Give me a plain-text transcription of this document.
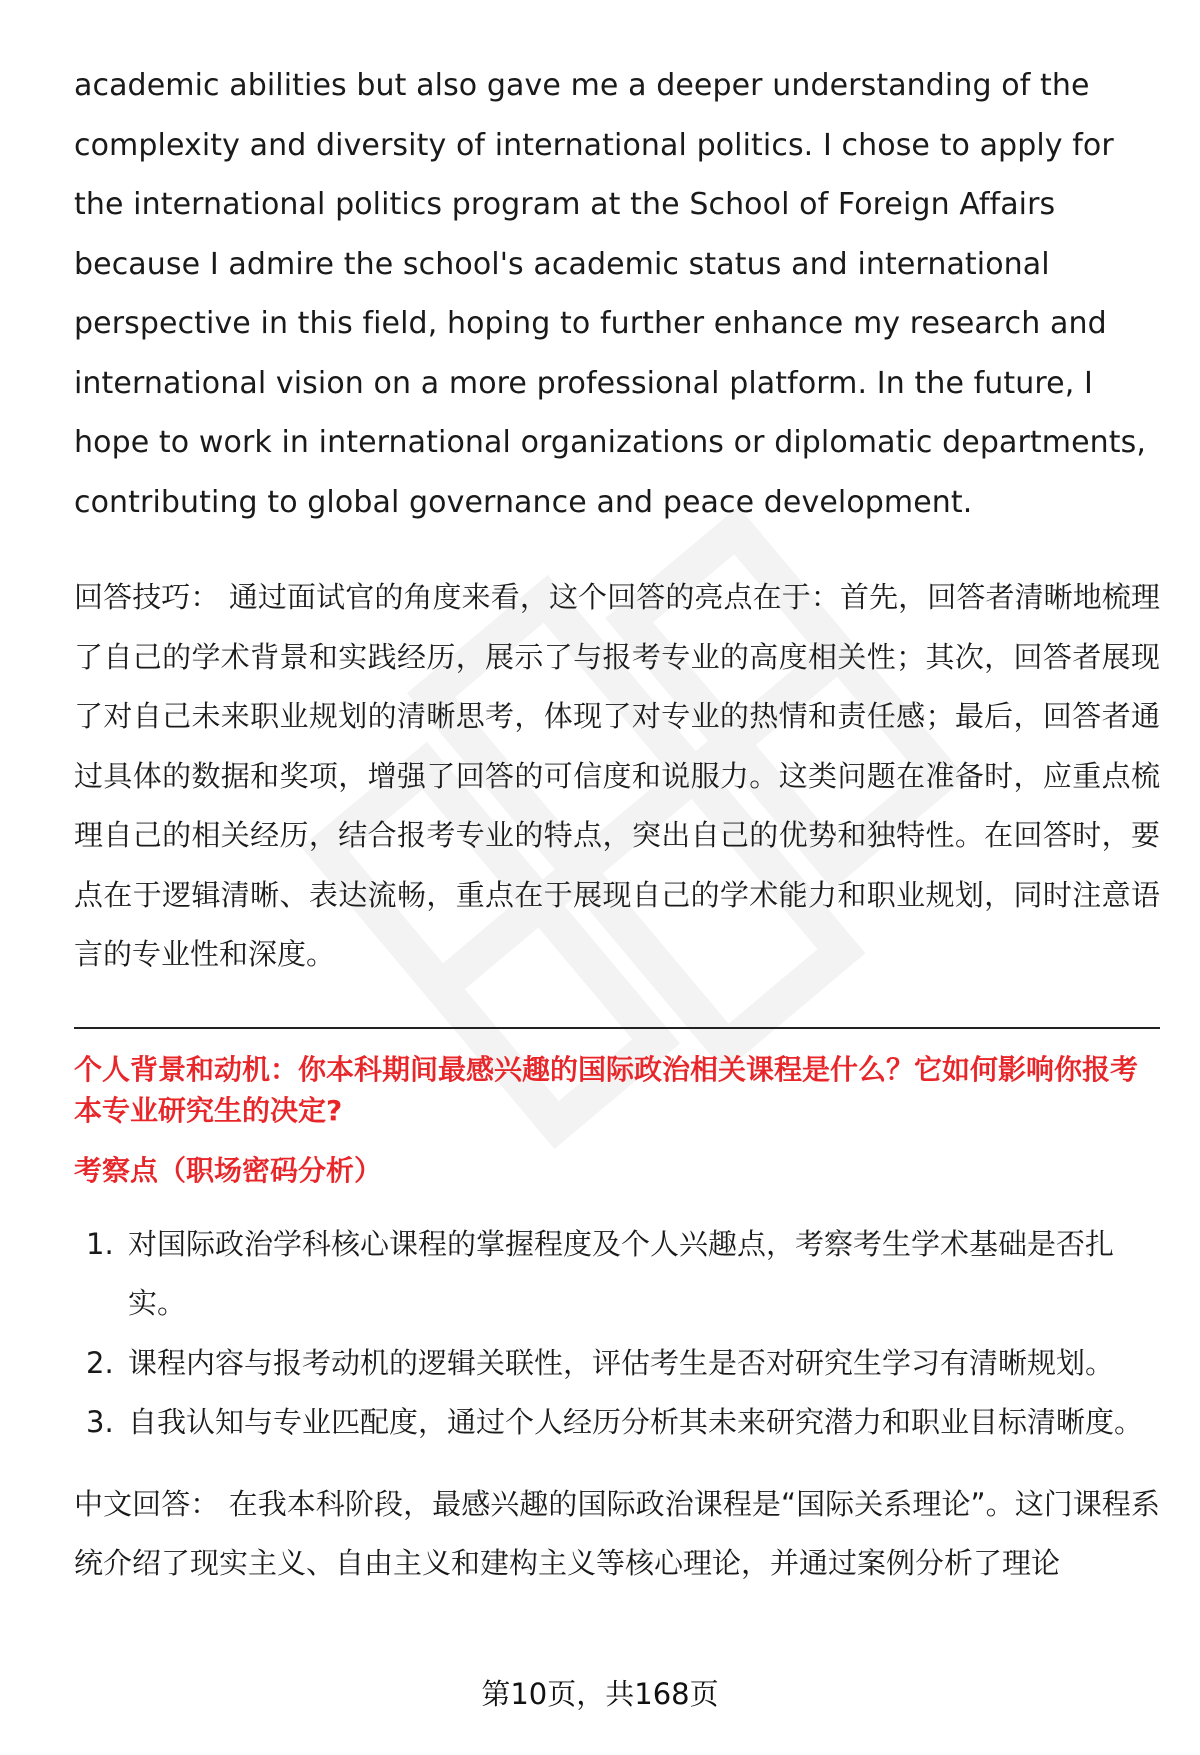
academic abilities but also gave me a deeper understanding of the complexity and diversity of international politics. I chose to apply for the international politics program at the School of Foreign Affairs because I admire the school's academic status and international perspective in this field, hoping to further enhance my research and international vision on a more professional platform. In the future, I hope to work in international organizations or diplomatic departments, contributing to global governance and peace development.

回答技巧： 通过面试官的角度来看，这个回答的亮点在于：首先，回答者清晰地梳理了自己的学术背景和实践经历，展示了与报考专业的高度相关性；其次，回答者展现了对自己未来职业规划的清晰思考，体现了对专业的热情和责任感；最后，回答者通过具体的数据和奖项，增强了回答的可信度和说服力。这类问题在准备时，应重点梳理自己的相关经历，结合报考专业的特点，突出自己的优势和独特性。在回答时，要点在于逻辑清晰、表达流畅，重点在于展现自己的学术能力和职业规划，同时注意语言的专业性和深度。

个人背景和动机：你本科期间最感兴趣的国际政治相关课程是什么？它如何影响你报考本专业研究生的决定?

考察点（职场密码分析）

1. 对国际政治学科核心课程的掌握程度及个人兴趣点，考察考生学术基础是否扎实。
2. 课程内容与报考动机的逻辑关联性，评估考生是否对研究生学习有清晰规划。
3. 自我认知与专业匹配度，通过个人经历分析其未来研究潜力和职业目标清晰度。

中文回答： 在我本科阶段，最感兴趣的国际政治课程是“国际关系理论”。这门课程系统介绍了现实主义、自由主义和建构主义等核心理论，并通过案例分析了理论

第10页，共168页
